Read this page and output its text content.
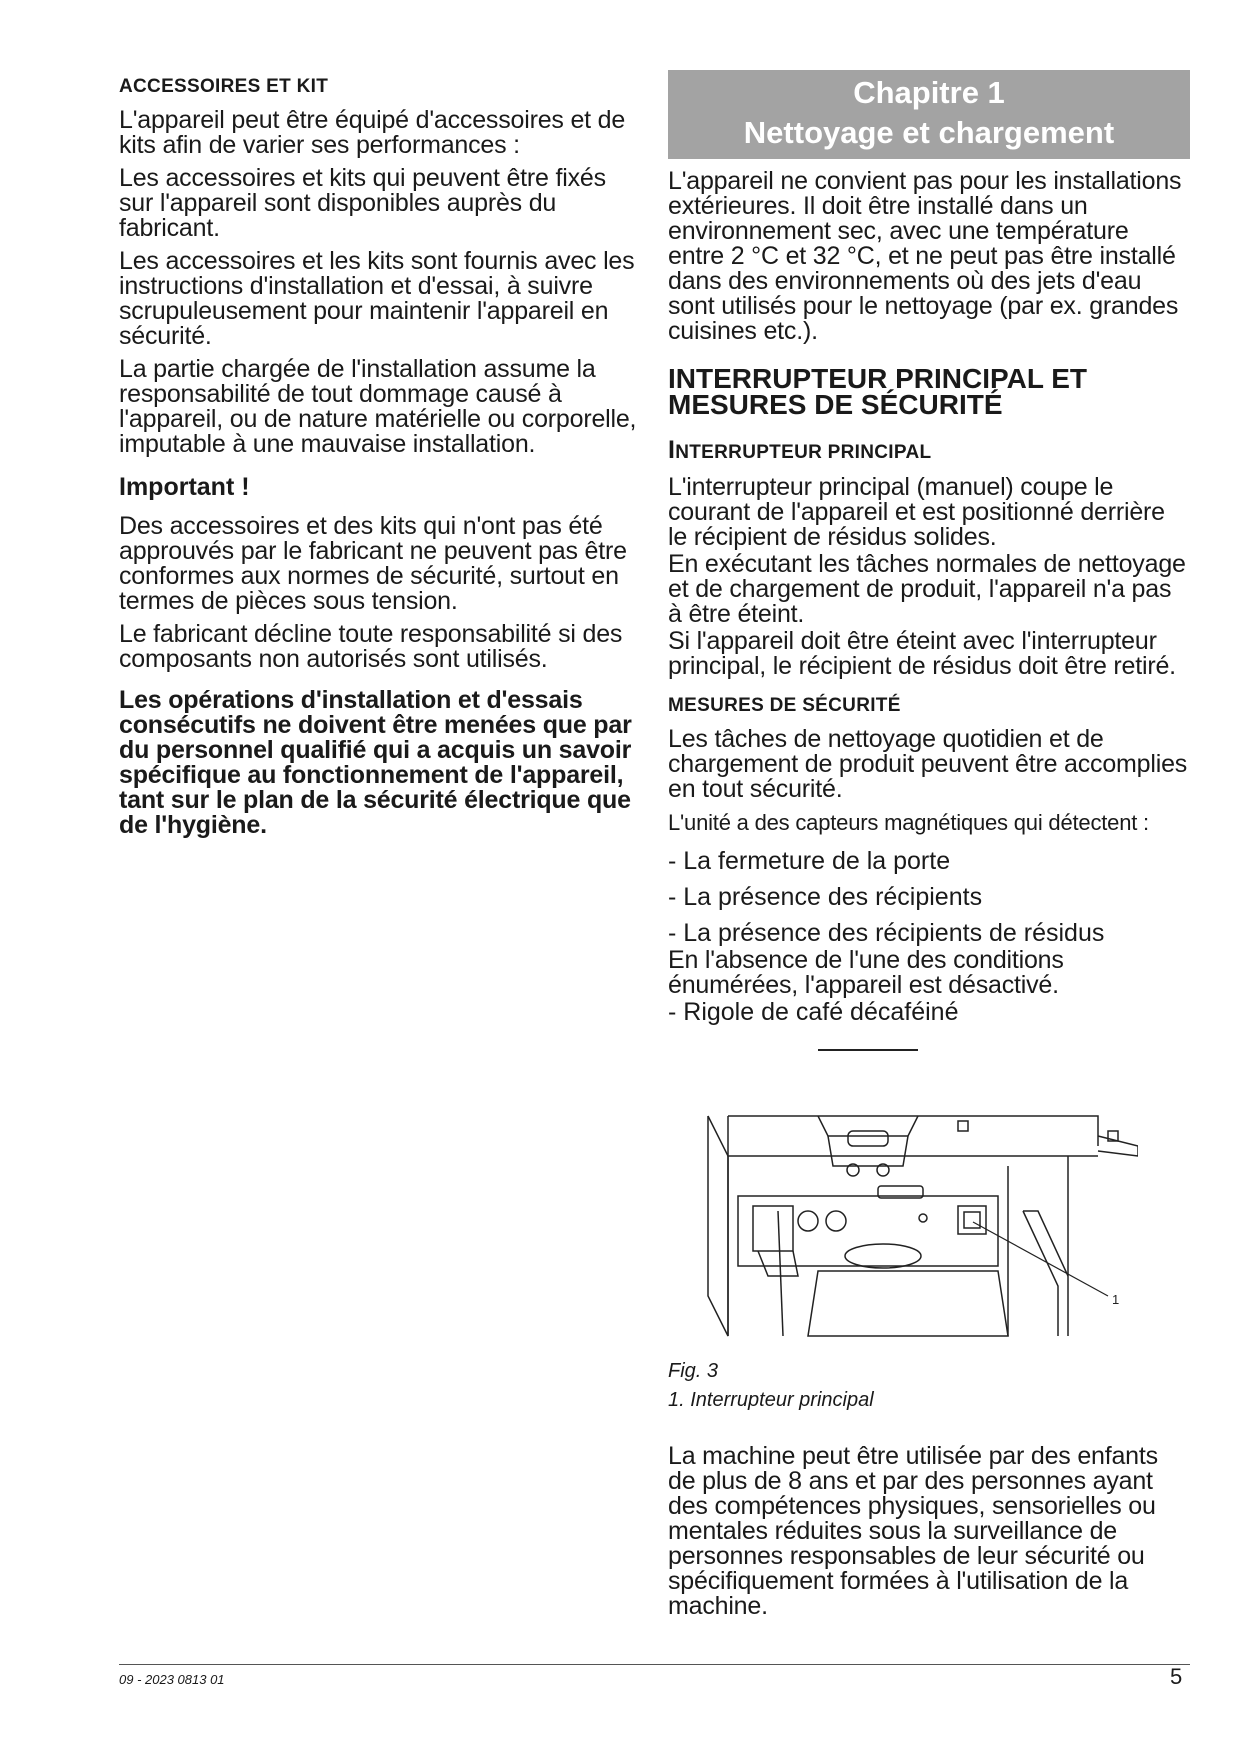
ACCESSOIRES ET KIT

L'appareil peut être équipé d'accessoires et de kits afin de varier ses performances :

Les accessoires et kits qui peuvent être fixés sur l'appareil sont disponibles auprès du fabricant.

Les accessoires et les kits sont fournis avec les instructions d'installation et d'essai, à suivre scrupuleusement pour maintenir l'appareil en sécurité.

La partie chargée de l'installation assume la responsabilité de tout dommage causé à l'appareil, ou de nature matérielle ou corporelle, imputable à une mauvaise installation.

Important !

Des accessoires et des kits qui n'ont pas été approuvés par le fabricant ne peuvent pas être conformes aux normes de sécurité, surtout en termes de pièces sous tension.

Le fabricant décline toute responsabilité si des composants non autorisés sont utilisés.

Les opérations d'installation et d'essais consécutifs ne doivent être menées que par du personnel qualifié qui a acquis un savoir spécifique au fonctionnement de l'appareil, tant sur le plan de la sécurité électrique que de l'hygiène.
Chapitre 1
Nettoyage et chargement

L'appareil ne convient pas pour les installations extérieures. Il doit être installé dans un environnement sec, avec une température entre 2 °C et 32 °C, et ne peut pas être installé dans des environnements où des jets d'eau sont utilisés pour le nettoyage (par ex. grandes cuisines etc.).

INTERRUPTEUR PRINCIPAL ET MESURES DE SÉCURITÉ
INTERRUPTEUR PRINCIPAL

L'interrupteur principal (manuel) coupe le courant de l'appareil et est positionné derrière le récipient de résidus solides.

En exécutant les tâches normales de nettoyage et de chargement de produit, l'appareil n'a pas à être éteint.

Si l'appareil doit être éteint avec l'interrupteur principal, le récipient de résidus doit être retiré.

MESURES DE SÉCURITÉ

Les tâches de nettoyage quotidien et de chargement de produit peuvent être accomplies en tout sécurité.

L'unité a des capteurs magnétiques qui détectent :

- La fermeture de la porte
- La présence des récipients
- La présence des récipients de résidus

En l'absence de l'une des conditions énumérées, l'appareil est désactivé.

- Rigole de café décaféiné
1
Fig. 3
1. Interrupteur principal

La machine peut être utilisée par des enfants de plus de 8 ans et par des personnes ayant des compétences physiques, sensorielles ou mentales réduites sous la surveillance de personnes responsables de leur sécurité ou spécifiquement formées à l'utilisation de la machine.

09 - 2023 0813 01	5
